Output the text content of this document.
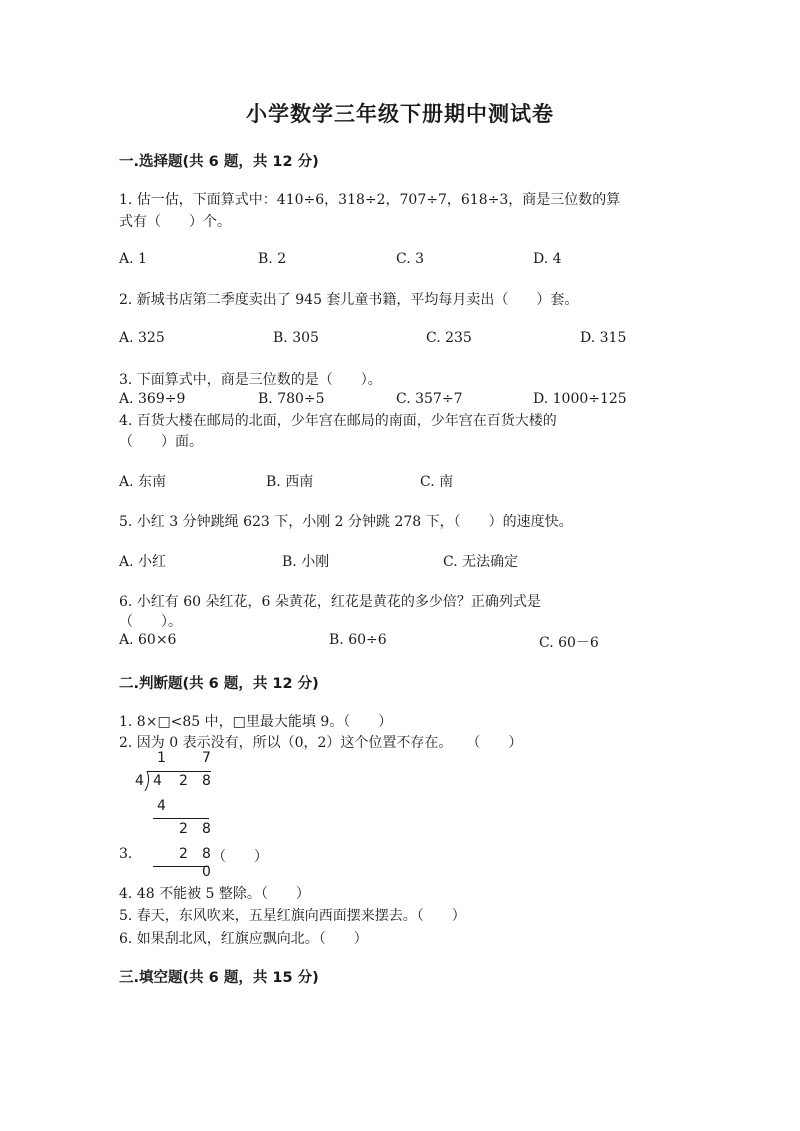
小学数学三年级下册期中测试卷
一.选择题(共 6 题，共 12 分)
1. 估一估，下面算式中：410÷6，318÷2，707÷7，618÷3，商是三位数的算
式有（　　）个。
A. 1	B. 2	C. 3	D. 4
2. 新城书店第二季度卖出了 945 套儿童书籍，平均每月卖出（　　）套。
A. 325	B. 305	C. 235	D. 315
3. 下面算式中，商是三位数的是（　　）。
A. 369÷9	B. 780÷5	C. 357÷7	D. 1000÷125
4. 百货大楼在邮局的北面，少年宫在邮局的南面，少年宫在百货大楼的
（　　）面。
A. 东南	B. 西南	C. 南
5. 小红 3 分钟跳绳 623 下，小刚 2 分钟跳 278 下，（　　）的速度快。
A. 小红	B. 小刚	C. 无法确定
6. 小红有 60 朵红花，6 朵黄花，红花是黄花的多少倍？正确列式是
（　　）。
A. 60×6	B. 60÷6	C. 60－6
二.判断题(共 6 题，共 12 分)
1. 8×□<85 中，□里最大能填 9。（　　）
2. 因为 0 表示没有，所以（0，2）这个位置不存在。　　（　　）
1	7
4 4 2 8
4
2 8
2 8
0
3.	（　　）
4. 48 不能被 5 整除。（　　）
5. 春天，东风吹来，五星红旗向西面摆来摆去。（　　）
6. 如果刮北风，红旗应飘向北。（　　）
三.填空题(共 6 题，共 15 分)
